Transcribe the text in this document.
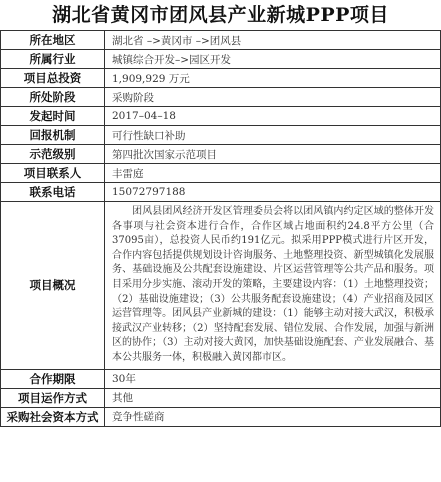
湖北省黄冈市团风县产业新城PPP项目
所在地区	湖北省 –>黄冈市 –>团风县
所属行业	城镇综合开发–>园区开发
项目总投资	1,909,929 万元
所处阶段	采购阶段
发起时间	2017–04–18
回报机制	可行性缺口补助
示范级别	第四批次国家示范项目
项目联系人	丰雷庭
联系电话	15072797188
项目概况	　　团风县团风经济开发区管理委员会将以团风镇内约定区域的整体开发各事项与社会资本进行合作，合作区域占地面积约24.8平方公里（合37095亩），总投资人民币约191亿元。拟采用PPP模式进行片区开发，合作内容包括提供规划设计咨询服务、土地整理投资、新型城镇化发展服务、基础设施及公共配套设施建设、片区运营管理等公共产品和服务。项目采用分步实施、滚动开发的策略，主要建设内容：（1）土地整理投资；（2）基础设施建设；（3）公共服务配套设施建设；（4）产业招商及园区运营管理等。团风县产业新城的建设：（1）能够主动对接大武汉，积极承接武汉产业转移；（2）坚持配套发展、错位发展、合作发展，加强与新洲区的协作；（3）主动对接大黄冈，加快基础设施配套、产业发展融合、基本公共服务一体，积极融入黄冈都市区。
合作期限	30年
项目运作方式	其他
采购社会资本方式	竞争性磋商
